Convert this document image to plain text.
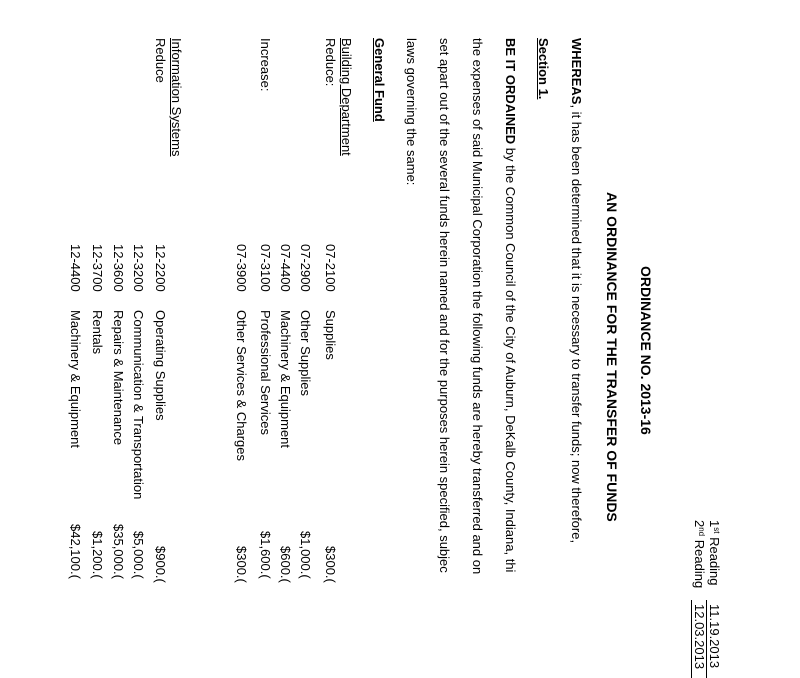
1st Reading
11.19.2013
2nd Reading
12.03.2013
ORDINANCE NO. 2013-16
AN ORDINANCE FOR THE TRANSFER OF FUNDS
WHEREAS, it has been determined that it is necessary to transfer funds; now therefore,
Section 1.
BE IT ORDAINED by the Common Council of the City of Auburn, DeKalb County, Indiana, thi
the expenses of said Municipal Corporation the following funds are hereby transferred and on
set apart out of the several funds herein named and for the purposes herein specified, subjec
laws governing the same:
General Fund
Building Department
Reduce:
Increase:
07-2100
Supplies
$300.(
07-2900
Other Supplies
$1,000.(
07-4400
Machinery & Equipment
$600.(
07-3100
Professional Services
$1,600.(
07-3900
Other Services & Charges
$300.(
Information Systems
Reduce
12-2200
Operating Supplies
$900.(
12-3200
Communication & Transportation
$5,000.(
12-3600
Repairs & Maintenance
$35,000.(
12-3700
Rentals
$1,200.(
12-4400
Machinery & Equipment
$42,100.(
